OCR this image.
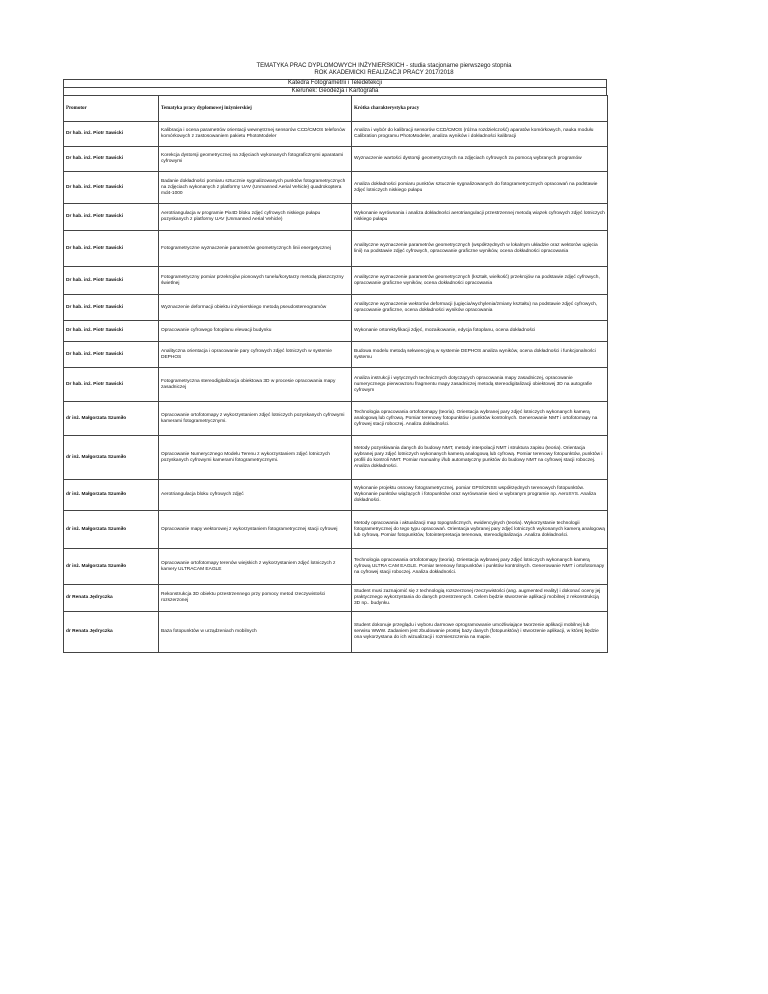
TEMATYKA PRAC DYPLOMOWYCH INŻYNIERSKICH - studia stacjonarne pierwszego stopnia
ROK AKADEMICKI REALIZACJI PRACY 2017/2018
Katedra Fotogrametrii i Teledetekcji
Kierunek: Geodezja i Kartografia
Promotor	Tematyka pracy dyplomowej inżynierskiej	Krótka charakterystyka pracy
Dr hab. inż. Piotr Sawicki	Kalibracja i ocena parametrów orientacji wewnętrznej sensorów CCD/CMOS telefonów komórkowych z zastosowaniem pakietu PhotoModeler	Analiza i wybór do kalibracji sensorów CCD/CMOS (różna rozdzielczość) aparatów komórkowych, nauka modułu Calibration programu PhotoModeler, analiza wyników i dokładności kalibracji
Dr hab. inż. Piotr Sawicki	Korekcja dystorsji geometrycznej na zdjęciach wykonanych fotograficznymi aparatami cyfrowymi	Wyznaczenie wartości dystorsji geometrycznych na zdjęciach cyfrowych za pomocą wybranych programów
Dr hab. inż. Piotr Sawicki	Badanie dokładności pomiaru sztucznie sygnalizowanych punktów fotogrametrycznych na zdjęciach wykonanych z platformy UAV (Unmanned Aerial Vehicle) quadrokoptera md4-1000	Analiza dokładności pomiaru punktów sztucznie sygnalizowanych do fotogrametrycznych opracowań na podstawie zdjęć lotniczych niskiego pułapu
Dr hab. inż. Piotr Sawicki	Aerotriangulacja w programie Pix4D bloku zdjęć cyfrowych niskiego pułapu pozyskanych z platformy UAV (Unmanned Aerial Vehicle)	Wykonanie wyrównania i analiza dokładności aerotriangulacji przestrzennej metodą wiązek cyfrowych zdjęć lotniczych niskiego pułapu
Dr hab. inż. Piotr Sawicki	Fotogrametryczne wyznaczenie parametrów geometrycznych linii energetycznej	Analityczne wyznaczenie parametrów geometrycznych (współrzędnych w lokalnym układzie oraz wektorów ugięcia linii) na podstawie zdjęć cyfrowych, opracowanie graficzne wyników, ocena dokładności opracowania
Dr hab. inż. Piotr Sawicki	Fotogrametryczny pomiar przekrojów pionowych tunelu/korytarzy metodą płaszczyzny świetlnej	Analityczne wyznaczenie parametrów geometrycznych (kształt, wielkość) przekrojów na podstawie zdjęć cyfrowych, opracowanie graficzne wyników, ocena dokładności opracowania
Dr hab. inż. Piotr Sawicki	Wyznaczenie deformacji obiektu inżynierskiego metodą pseudostereogramów	Analityczne wyznaczenie wektorów deformacji (ugięcia/wychylenia/zmiany kształtu) na podstawie zdjęć cyfrowych, opracowanie graficzne, ocena dokładności wyników opracowania
Dr hab. inż. Piotr Sawicki	Opracowanie cyfrowego fotoplanu elewacji budynku	Wykonanie ortorektyfikacji zdjęć, mozaikowanie, edycja fotoplanu, ocena dokładności
Dr hab. inż. Piotr Sawicki	Analityczna orientacja i opracowanie pary cyfrowych zdjęć lotniczych w systemie DEPHOS	Budowa modelu metodą sekwencyjną w systemie DEPHOS analiza wyników, ocena dokładności i funkcjonalności systemu
Dr hab. inż. Piotr Sawicki	Fotogrametryczna stereodigitalizacja obiektowa 3D w procesie opracowania mapy zasadniczej	Analiza instrukcji i wytycznych technicznych dotyczących opracowania mapy zasadniczej, opracowanie numerycznego pierwowzoru fragmentu mapy zasadniczej metodą stereodigitalizacji obiektowej 3D na autografie cyfrowym
dr inż. Małgorzata Szumiło	Opracowanie ortofotomapy z wykorzystaniem zdjęć lotniczych pozyskanych cyfrowymi kamerami fotogrametrycznymi.	Technologia opracowania ortofotomapy (teoria). Orientacja wybranej pary zdjęć lotniczych wykonanych kamerą analogową lub cyfrową. Pomiar terenowy fotopunktów i punktów kontrolnych. Generowanie NMT i ortofotomapy na cyfrowej stacji roboczej. Analiza dokładności.
dr inż. Małgorzata Szumiło	Opracowanie Numerycznego Modelu Terenu z wykorzystaniem zdjęć lotniczych pozyskanych cyfrowymi kamerami fotogrametrycznymi.	Metody pozyskiwania danych do budowy NMT, metody interpolacji NMT i struktura zapisu (teoria). Orientacja wybranej pary zdjęć lotniczych wykonanych kamerą analogową lub cyfrową. Pomiar terenowy fotopunktów, punktów i profili do kontroli NMT. Pomiar manualny i/lub automatyczny punktów do budowy NMT na cyfrowej stacji roboczej. Analiza dokładności.
dr inż. Małgorzata Szumiło	Aerotriangulacja bloku cyfrowych zdjęć	Wykonanie projektu osnowy fotogrametrycznej, pomiar GPS/GNSS współrzędnych terenowych fotopunktów. Wykonanie punktów wiążących i fotopunktów oraz wyrównanie sieci w wybranym programie np. AeroSYS. Analiza dokładności.
dr inż. Małgorzata Szumiło	Opracowanie mapy wektorowej z wykorzystaniem fotogrametrycznej stacji cyfrowej	Metody opracowania i aktualizacji map topograficznych, ewidencyjnych (teoria). Wykorzystanie technologii fotogrametrycznej do tego typu opracowań. Orientacja wybranej pary zdjęć lotniczych wykonanych kamerą analogową lub cyfrową. Pomiar fotopunktów, fotointerpretacja terenowa, stereodigitalizacja .Analiza dokładności.
dr inż. Małgorzata Szumiło	Opracowanie ortofotomapy terenów wiejskich z wykorzystaniem zdjęć lotniczych z kamery ULTRACAM EAGLE	Technologia opracowania ortofotomapy (teoria). Orientacja wybranej pary zdjęć lotniczych wykonanych kamerą cyfrową ULTRA CAM EAGLE. Pomiar terenowy fotopunktów i punktów kontrolnych. Generowanie NMT i ortofotomapy na cyfrowej stacji roboczej. Analiza dokładności.
dr Renata Jędryczka	Rekonstrukcja 3D obiektu przestrzennego przy pomocy metod rzeczywistości rozszerzonej	Student musi zaznajomić się z technologią rozszerzonej rzeczywistości (ang. augmented reality) i dokonać oceny jej praktycznego wykorzystania do danych przestrzennych. Celem będzie stworzenie aplikacji mobilnej z rekonstrukcją 3D np.. budynku.
dr Renata Jędryczka	Baza fotopunktów w urządzeniach mobilnych	Student dokonuje przeglądu i wyboru darmowe oprogramowanie umożliwiające tworzenie aplikacji mobilnej lub serwisu WWW. Zadaniem jest zbudowanie prostej bazy danych (fotopunktów) i stworzenie aplikacji, w której będzie ona wykorzystana do ich wizualizacji i rozmieszczenia na mapie.
